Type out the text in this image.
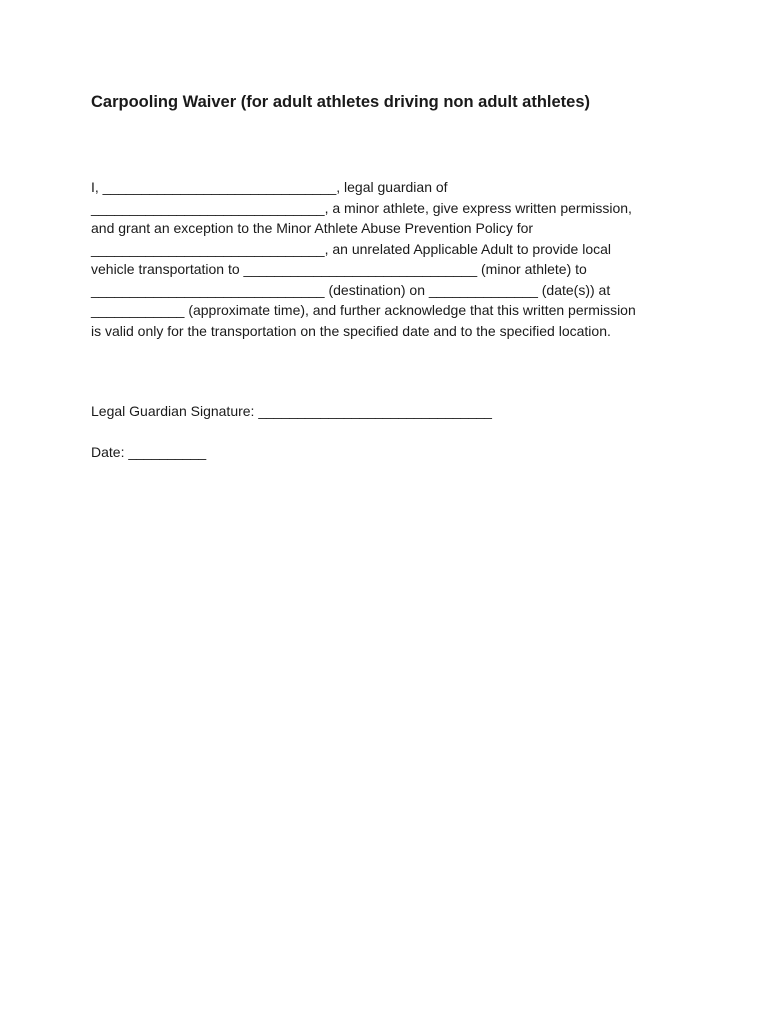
Carpooling Waiver (for adult athletes driving non adult athletes)
I, ______________________________, legal guardian of
______________________________, a minor athlete, give express written permission,
and grant an exception to the Minor Athlete Abuse Prevention Policy for
______________________________, an unrelated Applicable Adult to provide local
vehicle transportation to ______________________________ (minor athlete) to
______________________________ (destination) on ______________ (date(s)) at
____________ (approximate time), and further acknowledge that this written permission
is valid only for the transportation on the specified date and to the specified location.
Legal Guardian Signature: ______________________________
Date: __________
